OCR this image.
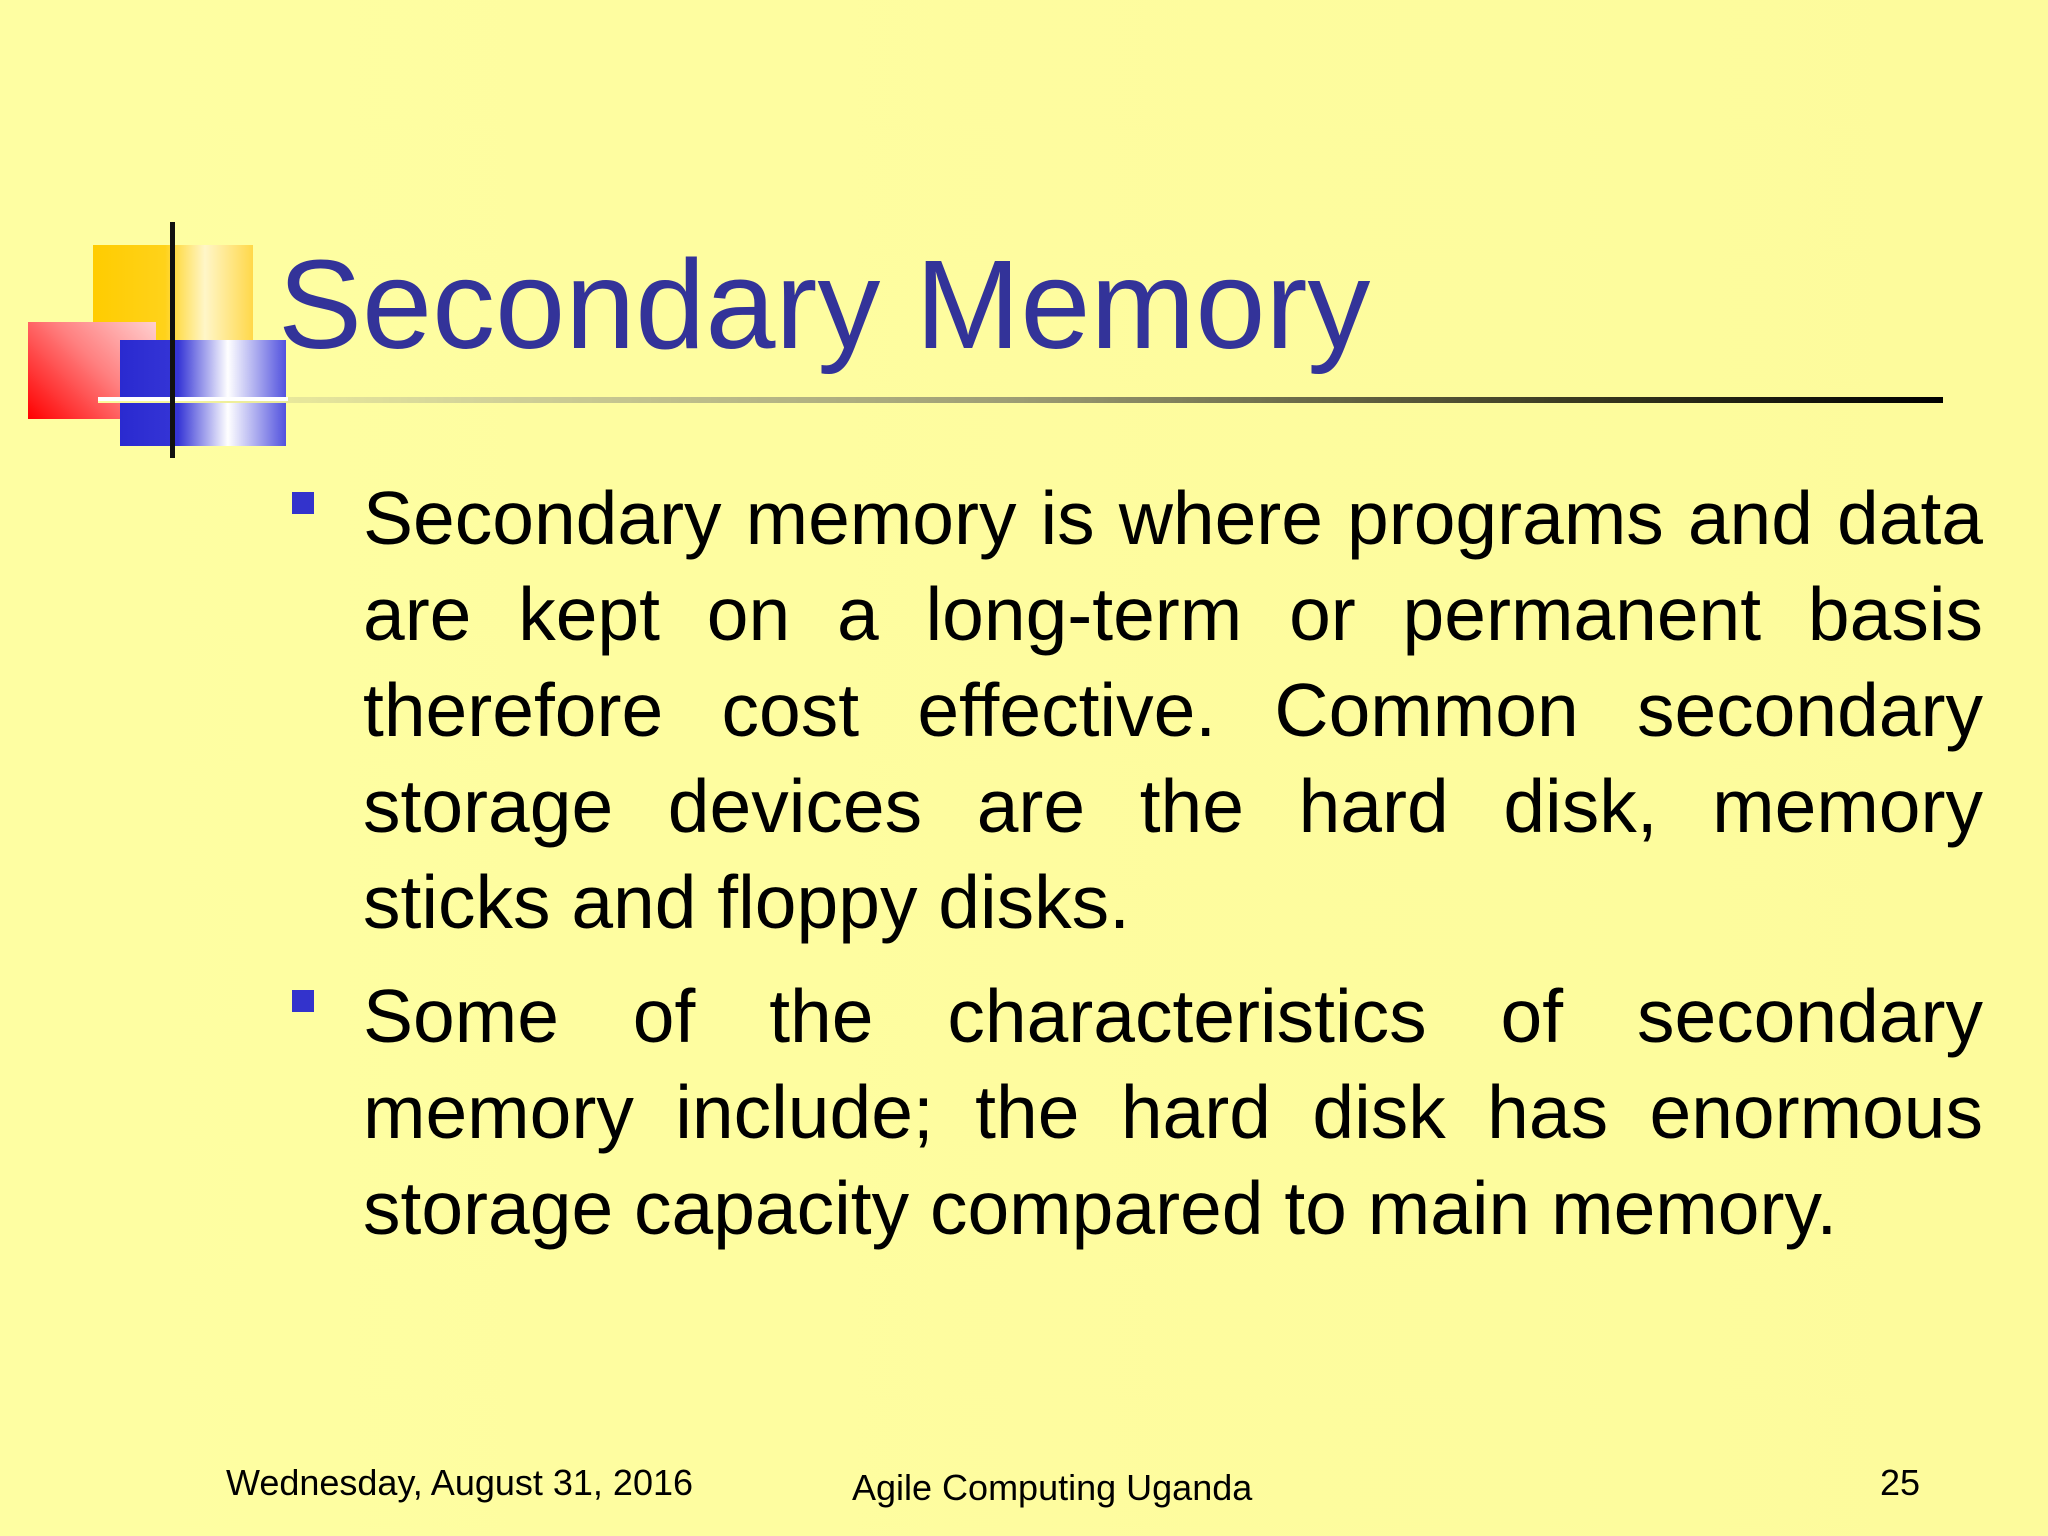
Secondary Memory
Secondary memory is where programs and data are kept on a long-term or permanent basis therefore cost effective. Common secondary storage devices are the hard disk, memory sticks and floppy disks.
Some of the characteristics of secondary memory include; the hard disk has enormous storage capacity compared to main memory.
Wednesday, August 31, 2016	Agile Computing Uganda	25
